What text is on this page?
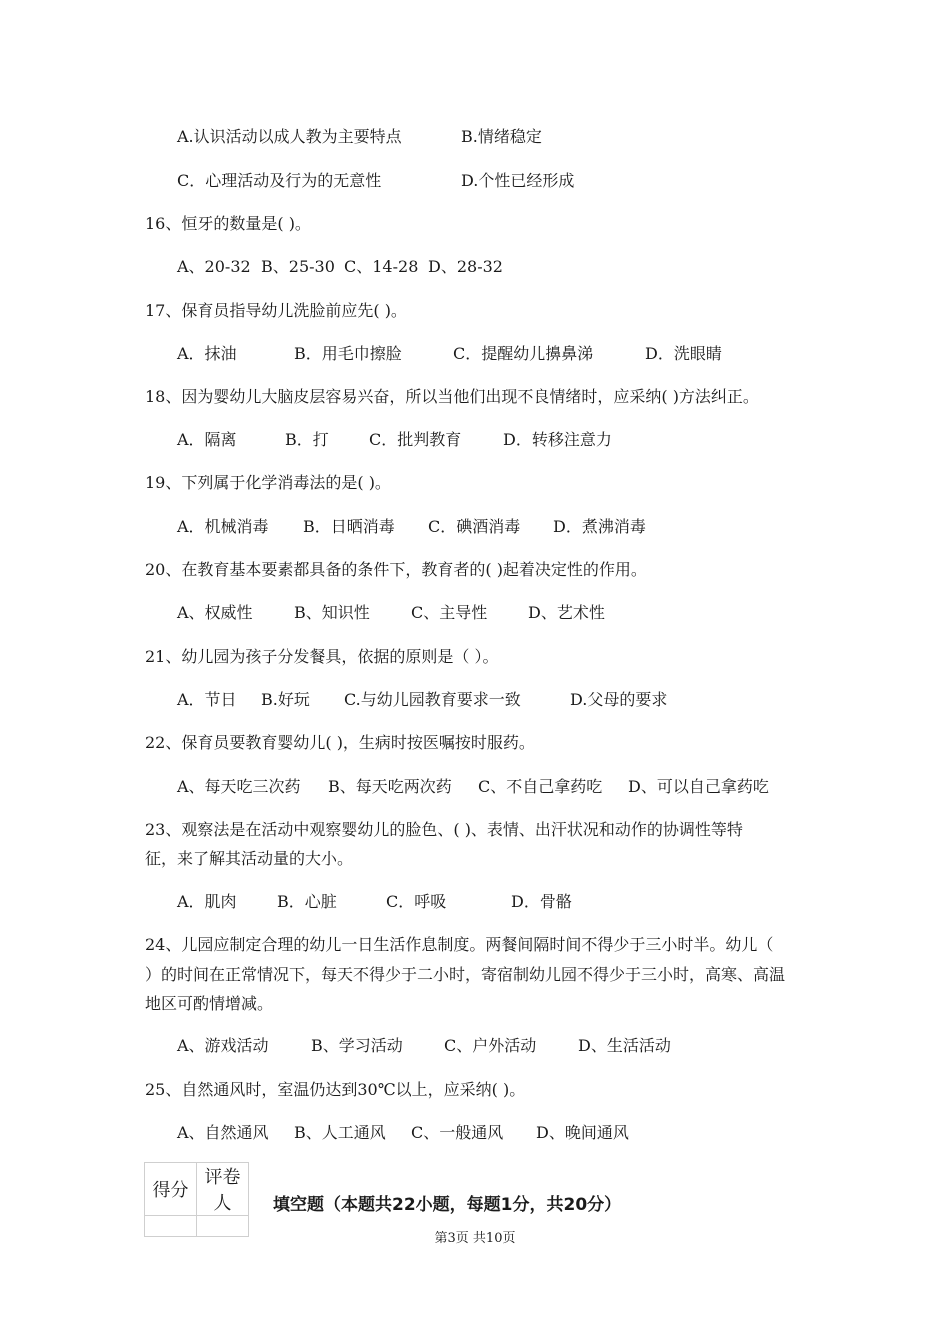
A.认识活动以成人教为主要特点	B.情绪稳定
C．心理活动及行为的无意性	D.个性已经形成
16、恒牙的数量是( )。
A、20-32 B、25-30 C、14-28 D、28-32
17、保育员指导幼儿洗脸前应先( )。
A．抹油	B．用毛巾擦脸	C．提醒幼儿擤鼻涕	D．洗眼睛
18、因为婴幼儿大脑皮层容易兴奋，所以当他们出现不良情绪时，应采纳( )方法纠正。
A．隔离	B．打	C．批判教育	D．转移注意力
19、下列属于化学消毒法的是( )。
A．机械消毒 B．日晒消毒 C．碘酒消毒 D．煮沸消毒
20、在教育基本要素都具备的条件下，教育者的( )起着决定性的作用。
A、权威性	B、知识性	C、主导性	D、艺术性
21、幼儿园为孩子分发餐具，依据的原则是（ ）。
A．节日 B.好玩 C.与幼儿园教育要求一致	D.父母的要求
22、保育员要教育婴幼儿( )，生病时按医嘱按时服药。
A、每天吃三次药 B、每天吃两次药 C、不自己拿药吃 D、可以自己拿药吃
23、观察法是在活动中观察婴幼儿的脸色、( )、表情、出汗状况和动作的协调性等特
征，来了解其活动量的大小。
A．肌肉	B．心脏	C．呼吸	D．骨骼
24、儿园应制定合理的幼儿一日生活作息制度。两餐间隔时间不得少于三小时半。幼儿（
）的时间在正常情况下，每天不得少于二小时，寄宿制幼儿园不得少于三小时，高寒、高温
地区可酌情增减。
A、游戏活动	B、学习活动	C、户外活动	D、生活活动
25、自然通风时，室温仍达到30℃以上，应采纳( )。
A、自然通风 B、人工通风 C、一般通风 D、晚间通风
得分	评卷人
	填空题（本题共22小题，每题1分，共20分）
第3页 共10页
